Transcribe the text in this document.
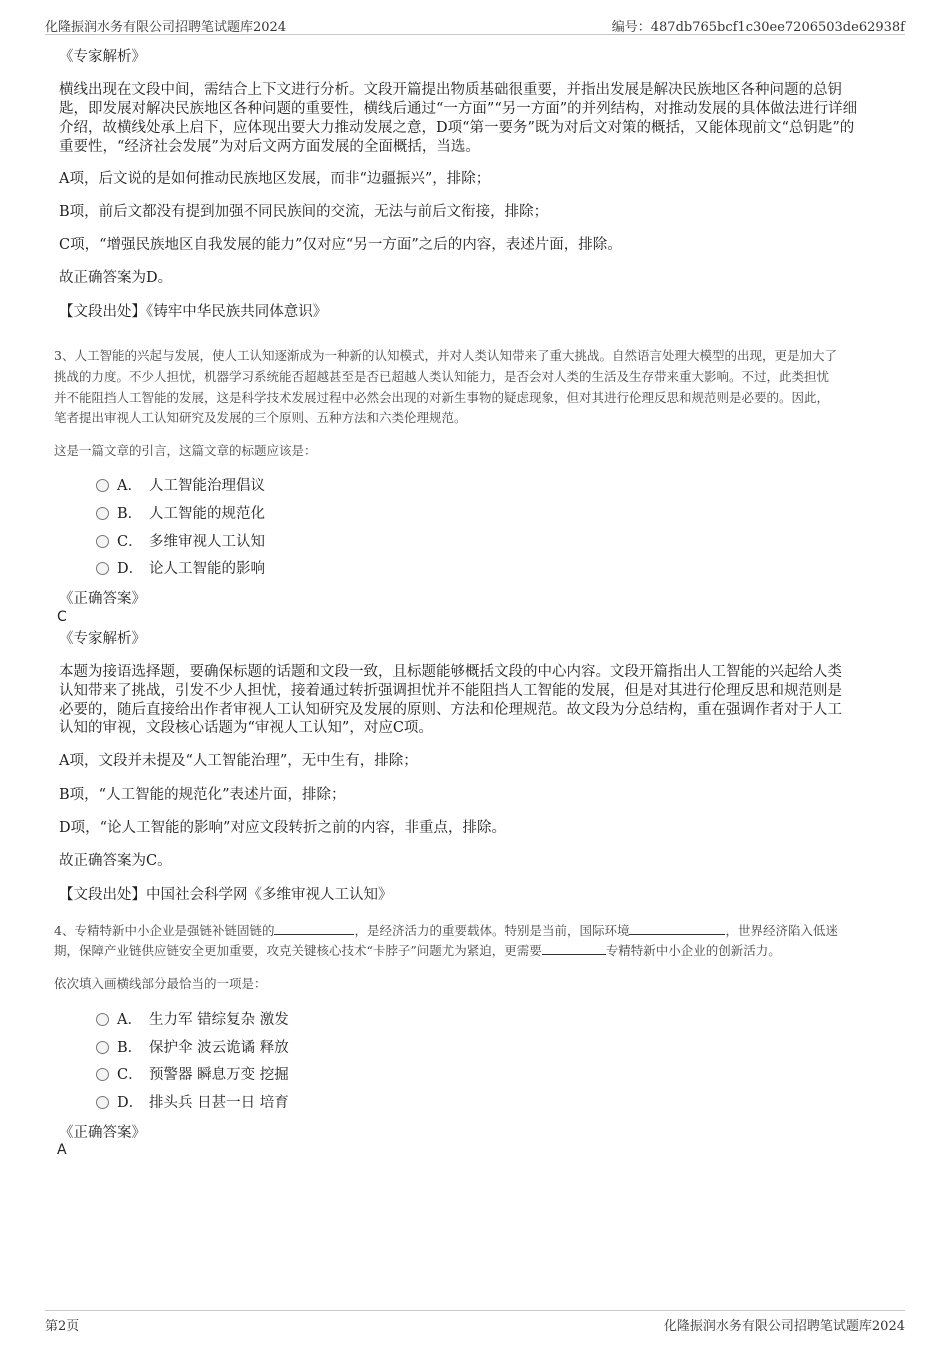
化隆振润水务有限公司招聘笔试题库2024	编号：487db765bcf1c30ee7206503de62938f

《专家解析》

横线出现在文段中间，需结合上下文进行分析。文段开篇提出物质基础很重要，并指出发展是解决民族地区各种问题的总钥

匙，即发展对解决民族地区各种问题的重要性，横线后通过“一方面”“另一方面”的并列结构，对推动发展的具体做法进行详细

介绍，故横线处承上启下，应体现出要大力推动发展之意，D项“第一要务”既为对后文对策的概括，又能体现前文“总钥匙”的

重要性，“经济社会发展”为对后文两方面发展的全面概括，当选。

A项，后文说的是如何推动民族地区发展，而非“边疆振兴”，排除；

B项，前后文都没有提到加强不同民族间的交流，无法与前后文衔接，排除；

C项，“增强民族地区自我发展的能力”仅对应“另一方面”之后的内容，表述片面，排除。

故正确答案为D。

【文段出处】《铸牢中华民族共同体意识》

3、人工智能的兴起与发展，使人工认知逐渐成为一种新的认知模式，并对人类认知带来了重大挑战。自然语言处理大模型的出现，更是加大了

挑战的力度。不少人担忧，机器学习系统能否超越甚至是否已超越人类认知能力，是否会对人类的生活及生存带来重大影响。不过，此类担忧

并不能阻挡人工智能的发展，这是科学技术发展过程中必然会出现的对新生事物的疑虑现象，但对其进行伦理反思和规范则是必要的。因此，

笔者提出审视人工认知研究及发展的三个原则、五种方法和六类伦理规范。

这是一篇文章的引言，这篇文章的标题应该是：

A． 人工智能治理倡议
B． 人工智能的规范化
C． 多维审视人工认知
D． 论人工智能的影响

《正确答案》

C

《专家解析》

本题为接语选择题，要确保标题的话题和文段一致，且标题能够概括文段的中心内容。文段开篇指出人工智能的兴起给人类

认知带来了挑战，引发不少人担忧，接着通过转折强调担忧并不能阻挡人工智能的发展，但是对其进行伦理反思和规范则是

必要的，随后直接给出作者审视人工认知研究及发展的原则、方法和伦理规范。故文段为分总结构，重在强调作者对于人工

认知的审视，文段核心话题为“审视人工认知”，对应C项。

A项，文段并未提及“人工智能治理”，无中生有，排除；

B项，“人工智能的规范化”表述片面，排除；

D项，“论人工智能的影响”对应文段转折之前的内容，非重点，排除。

故正确答案为C。

【文段出处】中国社会科学网《多维审视人工认知》

4、专精特新中小企业是强链补链固链的	，是经济活力的重要载体。特别是当前，国际环境	，世界经济陷入低迷

期，保障产业链供应链安全更加重要，攻克关键核心技术“卡脖子”问题尤为紧迫，更需要	专精特新中小企业的创新活力。

依次填入画横线部分最恰当的一项是：

A． 生力军 错综复杂 激发
B． 保护伞 波云诡谲 释放
C． 预警器 瞬息万变 挖掘
D． 排头兵 日甚一日 培育

《正确答案》

A

第2页	化隆振润水务有限公司招聘笔试题库2024
